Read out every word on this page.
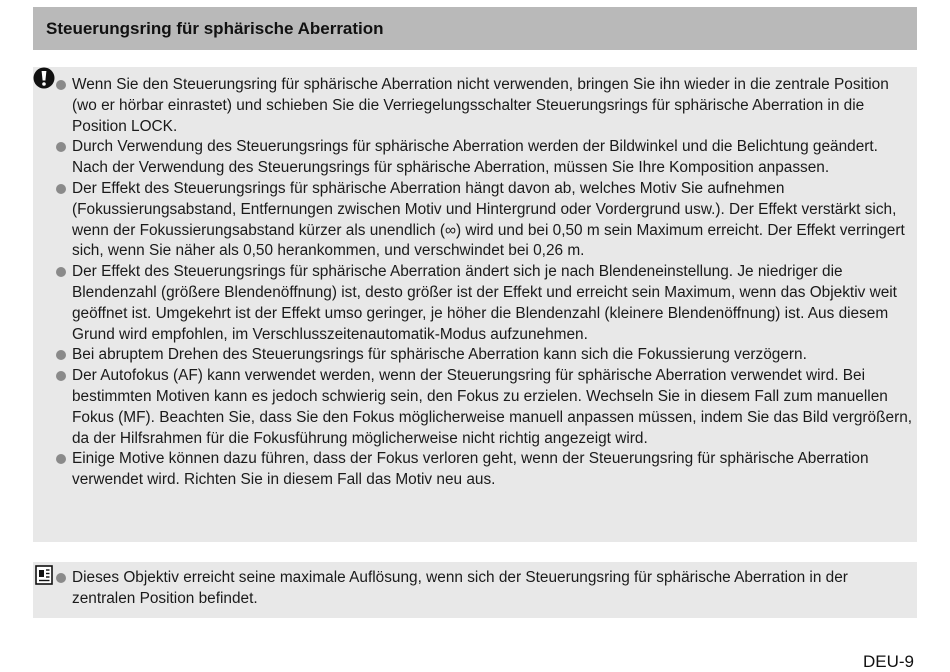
Steuerungsring für sphärische Aberration
Wenn Sie den Steuerungsring für sphärische Aberration nicht verwenden, bringen Sie ihn wieder in die zentrale Position (wo er hörbar einrastet) und schieben Sie die Verriegelungsschalter Steuerungsrings für sphärische Aberration in die Position LOCK.
Durch Verwendung des Steuerungsrings für sphärische Aberration werden der Bildwinkel und die Belichtung geändert. Nach der Verwendung des Steuerungsrings für sphärische Aberration, müssen Sie Ihre Komposition anpassen.
Der Effekt des Steuerungsrings für sphärische Aberration hängt davon ab, welches Motiv Sie aufnehmen (Fokussierungsabstand, Entfernungen zwischen Motiv und Hintergrund oder Vordergrund usw.). Der Effekt verstärkt sich, wenn der Fokussierungsabstand kürzer als unendlich (∞) wird und bei 0,50 m sein Maximum erreicht. Der Effekt verringert sich, wenn Sie näher als 0,50 herankommen, und verschwindet bei 0,26 m.
Der Effekt des Steuerungsrings für sphärische Aberration ändert sich je nach Blendeneinstellung. Je niedriger die Blendenzahl (größere Blendenöffnung) ist, desto größer ist der Effekt und erreicht sein Maximum, wenn das Objektiv weit geöffnet ist. Umgekehrt ist der Effekt umso geringer, je höher die Blendenzahl (kleinere Blendenöffnung) ist. Aus diesem Grund wird empfohlen, im Verschlusszeitenautomatik-Modus aufzunehmen.
Bei abruptem Drehen des Steuerungsrings für sphärische Aberration kann sich die Fokussierung verzögern.
Der Autofokus (AF) kann verwendet werden, wenn der Steuerungsring für sphärische Aberration verwendet wird. Bei bestimmten Motiven kann es jedoch schwierig sein, den Fokus zu erzielen. Wechseln Sie in diesem Fall zum manuellen Fokus (MF). Beachten Sie, dass Sie den Fokus möglicherweise manuell anpassen müssen, indem Sie das Bild vergrößern, da der Hilfsrahmen für die Fokusführung möglicherweise nicht richtig angezeigt wird.
Einige Motive können dazu führen, dass der Fokus verloren geht, wenn der Steuerungsring für sphärische Aberration verwendet wird. Richten Sie in diesem Fall das Motiv neu aus.
Dieses Objektiv erreicht seine maximale Auflösung, wenn sich der Steuerungsring für sphärische Aberration in der zentralen Position befindet.
DEU-9
